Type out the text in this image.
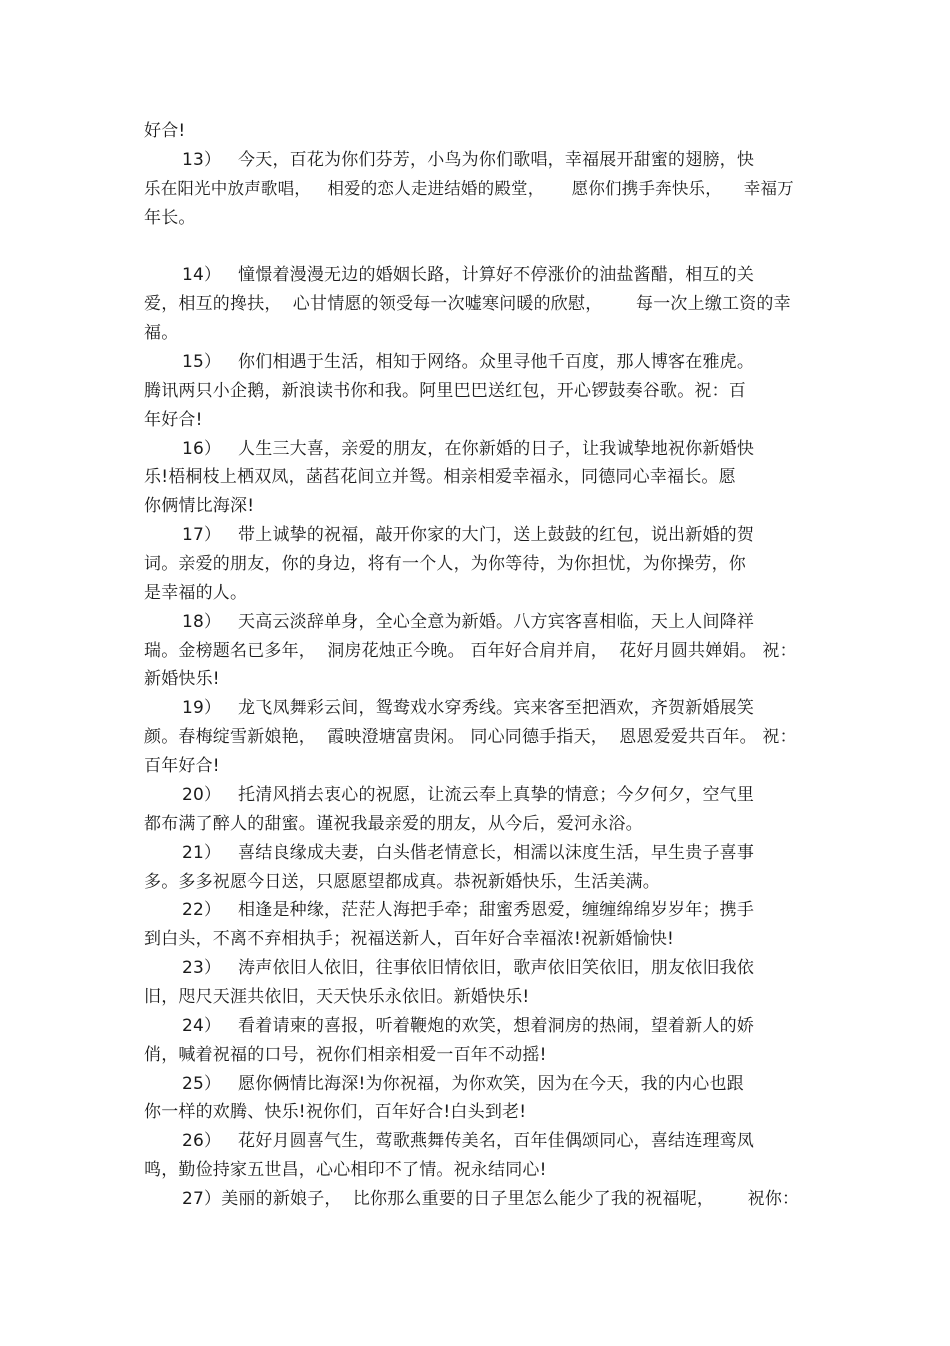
好合!
13）   今天，百花为你们芬芳，小鸟为你们歌唱，幸福展开甜蜜的翅膀，快
乐在阳光中放声歌唱，   相爱的恋人走进结婚的殿堂，     愿你们携手奔快乐，    幸福万
年长。
14）   憧憬着漫漫无边的婚姻长路，计算好不停涨价的油盐酱醋，相互的关
爱，相互的搀扶，  心甘情愿的领受每一次嘘寒问暖的欣慰，      每一次上缴工资的幸
福。
15）   你们相遇于生活，相知于网络。众里寻他千百度，那人博客在雅虎。
腾讯两只小企鹅，新浪读书你和我。阿里巴巴送红包，开心锣鼓奏谷歌。祝：百
年好合!
16）   人生三大喜，亲爱的朋友，在你新婚的日子，让我诚挚地祝你新婚快
乐!梧桐枝上栖双凤，菡萏花间立并鸳。相亲相爱幸福永，同德同心幸福长。愿
你俩情比海深!
17）   带上诚挚的祝福，敲开你家的大门，送上鼓鼓的红包，说出新婚的贺
词。亲爱的朋友，你的身边，将有一个人，为你等待，为你担忧，为你操劳，你
是幸福的人。
18）   天高云淡辞单身，全心全意为新婚。八方宾客喜相临，天上人间降祥
瑞。金榜题名已多年，  洞房花烛正今晚。 百年好合肩并肩，  花好月圆共婵娟。 祝：
新婚快乐!
19）   龙飞凤舞彩云间，鸳鸯戏水穿秀线。宾来客至把酒欢，齐贺新婚展笑
颜。春梅绽雪新娘艳，  霞映澄塘富贵闲。 同心同德手指天，  恩恩爱爱共百年。 祝：
百年好合!
20）   托清风捎去衷心的祝愿，让流云奉上真挚的情意；今夕何夕，空气里
都布满了醉人的甜蜜。谨祝我最亲爱的朋友，从今后，爱河永浴。
21）   喜结良缘成夫妻，白头偕老情意长，相濡以沫度生活，早生贵子喜事
多。多多祝愿今日送，只愿愿望都成真。恭祝新婚快乐，生活美满。
22）   相逢是种缘，茫茫人海把手牵；甜蜜秀恩爱，缠缠绵绵岁岁年；携手
到白头，不离不弃相执手；祝福送新人，百年好合幸福浓!祝新婚愉快!
23）   涛声依旧人依旧，往事依旧情依旧，歌声依旧笑依旧，朋友依旧我依
旧，咫尺天涯共依旧，天天快乐永依旧。新婚快乐!
24）   看着请柬的喜报，听着鞭炮的欢笑，想着洞房的热闹，望着新人的娇
俏，喊着祝福的口号，祝你们相亲相爱一百年不动摇!
25）   愿你俩情比海深!为你祝福，为你欢笑，因为在今天，我的内心也跟
你一样的欢腾、快乐!祝你们，百年好合!白头到老!
26）   花好月圆喜气生，莺歌燕舞传美名，百年佳偶颂同心，喜结连理鸾凤
鸣，勤俭持家五世昌，心心相印不了情。祝永结同心!
27）美丽的新娘子，  比你那么重要的日子里怎么能少了我的祝福呢，      祝你：
